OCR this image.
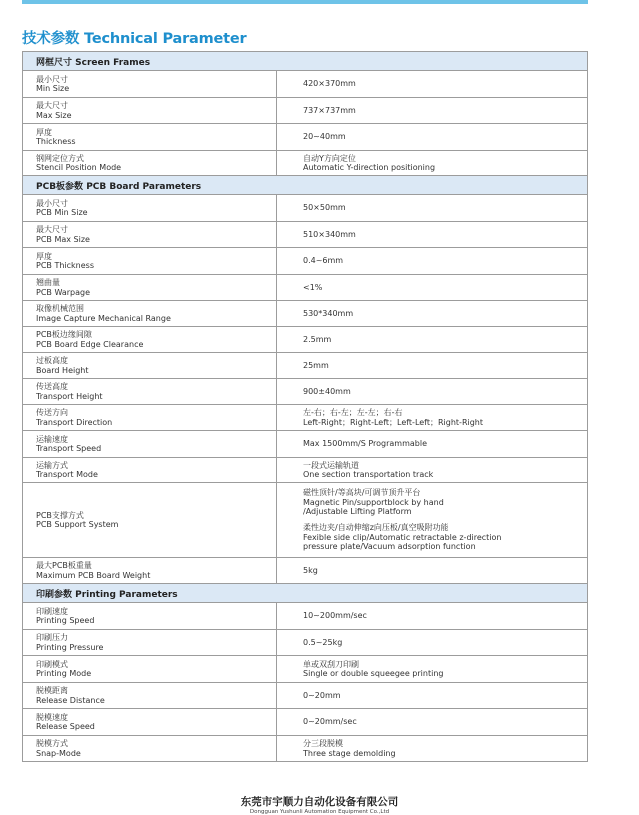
技术参数 Technical Parameter
网框尺寸 Screen Frames
最小尺寸
Min Size
420×370mm
最大尺寸
Max Size
737×737mm
厚度
Thickness
20~40mm
钢网定位方式
Stencil Position Mode
自动Y方向定位
Automatic Y-direction positioning
PCB板参数 PCB Board Parameters
最小尺寸
PCB Min Size
50×50mm
最大尺寸
PCB Max Size
510×340mm
厚度
PCB Thickness
0.4~6mm
翘曲量
PCB Warpage
<1%
取像机械范围
Image Capture Mechanical Range
530*340mm
PCB板边缘间隙
PCB Board Edge Clearance
2.5mm
过板高度
Board Height
25mm
传送高度
Transport Height
900±40mm
传送方向
Transport Direction
左-右；右-左；左-左；右-右
Left-Right；Right-Left；Left-Left；Right-Right
运输速度
Transport Speed
Max 1500mm/S Programmable
运输方式
Transport Mode
一段式运输轨道
One section transportation track
PCB支撑方式
PCB Support System
磁性顶针/等高块/可调节顶升平台
Magnetic Pin/supportblock by hand
/Adjustable Lifting Platform
柔性边夹/自动伸缩z向压板/真空吸附功能
Fexible side clip/Automatic retractable z-direction
pressure plate/Vacuum adsorption function
最大PCB板重量
Maximum PCB Board Weight
5kg
印刷参数 Printing Parameters
印刷速度
Printing Speed
10~200mm/sec
印刷压力
Printing Pressure
0.5~25kg
印刷模式
Printing Mode
单或双刮刀印刷
Single or double squeegee printing
脱模距离
Release Distance
0~20mm
脱模速度
Release Speed
0~20mm/sec
脱模方式
Snap-Mode
分三段脱模
Three stage demolding
东莞市宇顺力自动化设备有限公司
Dongguan Yushunli Automation Equipment Co.,Ltd
